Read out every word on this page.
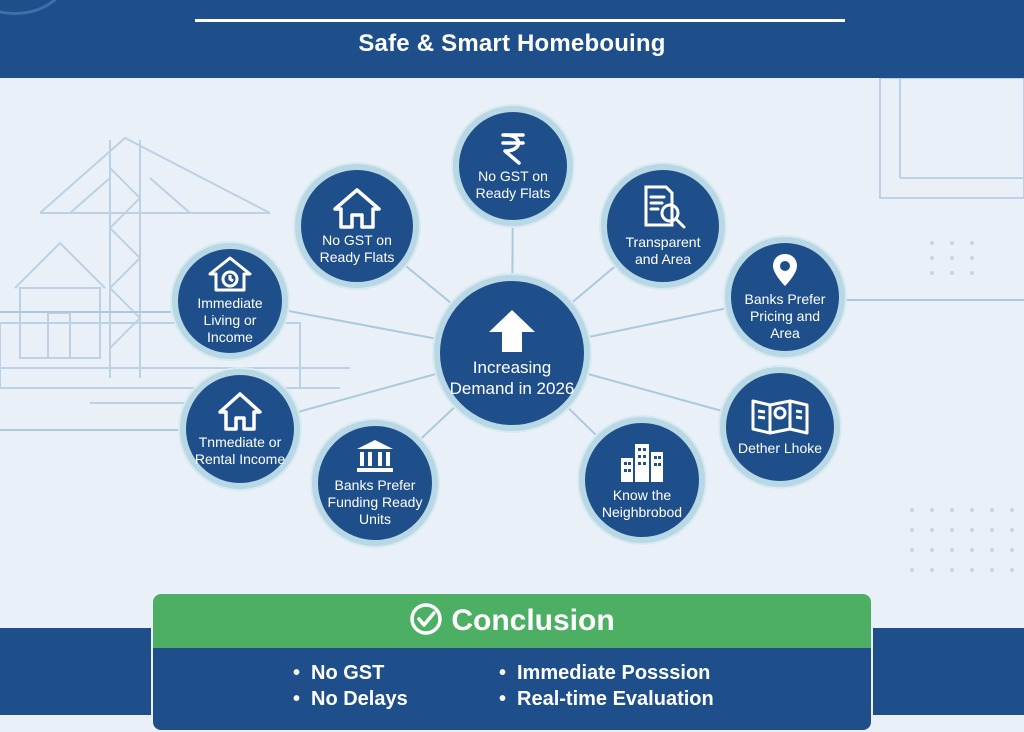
Safe & Smart Homebouing
Increasing Demand in 2026
No GST on Ready Flats
No GST on Ready Flats
Transparent and Area
Immediate Living or Income
Banks Prefer Pricing and Area
Tnmediate or Rental Income
Dether Lhoke
Banks Prefer Funding Ready Units
Know the Neighbrobod
Conclusion
• No GST
• No Delays
• Immediate Posssion
• Real-time Evaluation
